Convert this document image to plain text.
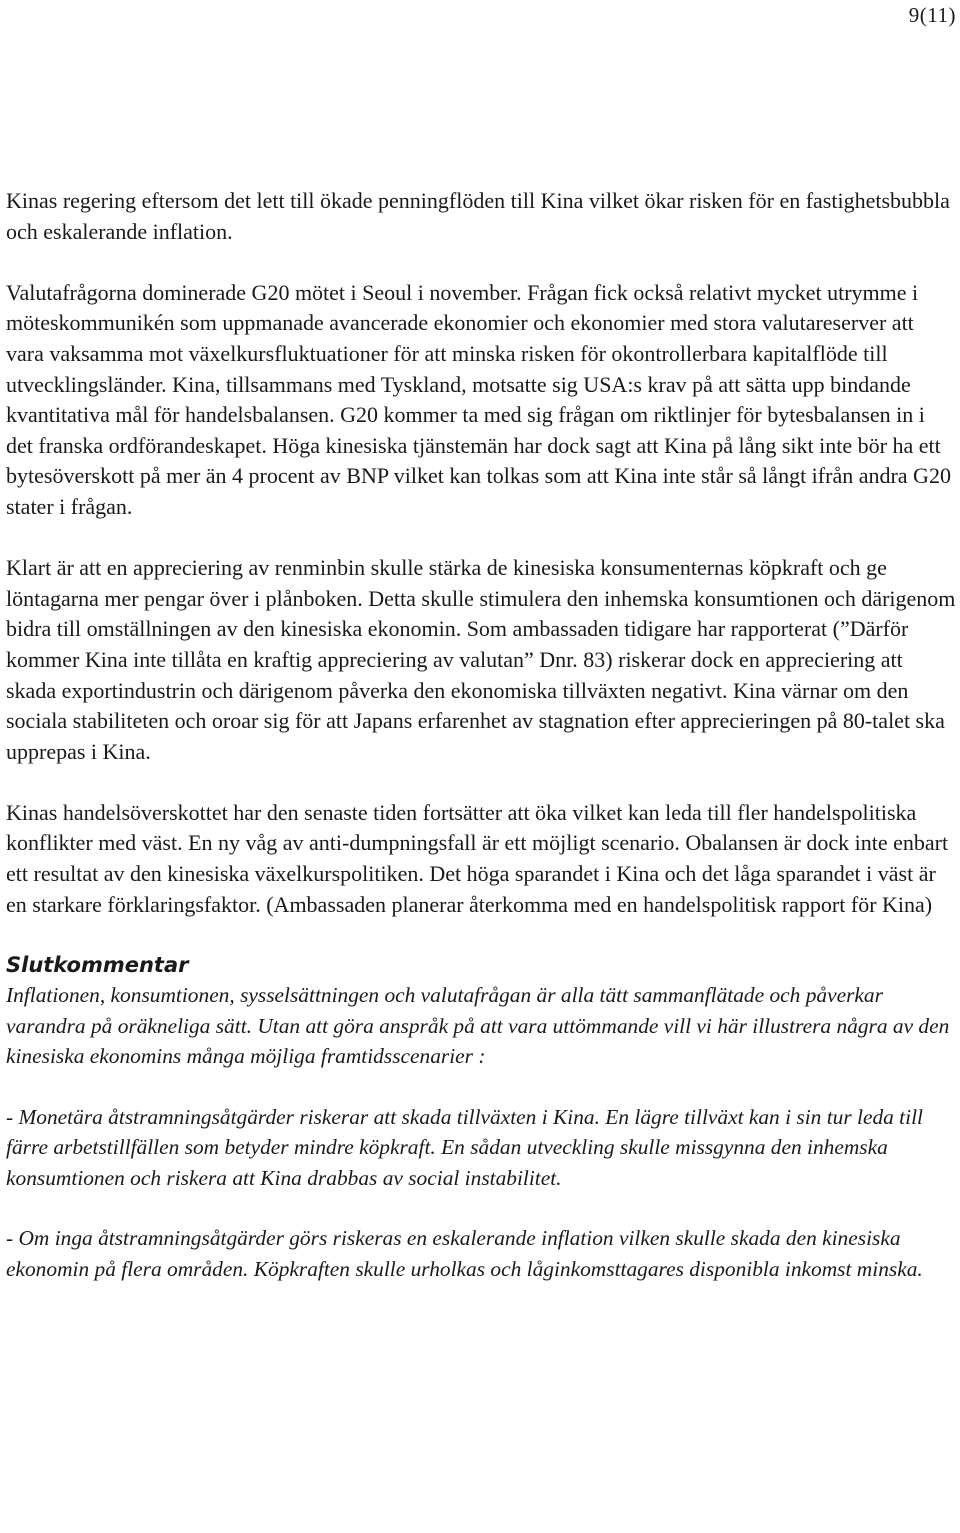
9(11)

Kinas regering eftersom det lett till ökade penningflöden till Kina vilket ökar risken för en fastighetsbubbla och eskalerande inflation.

Valutafrågorna dominerade G20 mötet i Seoul i november. Frågan fick också relativt mycket utrymme i möteskommunikén som uppmanade avancerade ekonomier och ekonomier med stora valutareserver att vara vaksamma mot växelkursfluktuationer för att minska risken för okontrollerbara kapitalflöde till utvecklingsländer. Kina, tillsammans med Tyskland, motsatte sig USA:s krav på att sätta upp bindande kvantitativa mål för handelsbalansen. G20 kommer ta med sig frågan om riktlinjer för bytesbalansen in i det franska ordförandeskapet. Höga kinesiska tjänstemän har dock sagt att Kina på lång sikt inte bör ha ett bytesöverskott på mer än 4 procent av BNP vilket kan tolkas som att Kina inte står så långt ifrån andra G20 stater i frågan.

Klart är att en appreciering av renminbin skulle stärka de kinesiska konsumenternas köpkraft och ge löntagarna mer pengar över i plånboken. Detta skulle stimulera den inhemska konsumtionen och därigenom bidra till omställningen av den kinesiska ekonomin. Som ambassaden tidigare har rapporterat (”Därför kommer Kina inte tillåta en kraftig appreciering av valutan” Dnr. 83) riskerar dock en appreciering att skada exportindustrin och därigenom påverka den ekonomiska tillväxten negativt. Kina värnar om den sociala stabiliteten och oroar sig för att Japans erfarenhet av stagnation efter apprecieringen på 80-talet ska upprepas i Kina.

Kinas handelsöverskottet har den senaste tiden fortsätter att öka vilket kan leda till fler handelspolitiska konflikter med väst. En ny våg av anti-dumpningsfall är ett möjligt scenario. Obalansen är dock inte enbart ett resultat av den kinesiska växelkurspolitiken. Det höga sparandet i Kina och det låga sparandet i väst är en starkare förklaringsfaktor. (Ambassaden planerar återkomma med en handelspolitisk rapport för Kina)

Slutkommentar

Inflationen, konsumtionen, sysselsättningen och valutafrågan är alla tätt sammanflätade och påverkar varandra på oräkneliga sätt. Utan att göra anspråk på att vara uttömmande vill vi här illustrera några av den kinesiska ekonomins många möjliga framtidsscenarier :

- Monetära åtstramningsåtgärder riskerar att skada tillväxten i Kina. En lägre tillväxt kan i sin tur leda till färre arbetstillfällen som betyder mindre köpkraft. En sådan utveckling skulle missgynna den inhemska konsumtionen och riskera att Kina drabbas av social instabilitet.

- Om inga åtstramningsåtgärder görs riskeras en eskalerande inflation vilken skulle skada den kinesiska ekonomin på flera områden. Köpkraften skulle urholkas och låginkomsttagares disponibla inkomst minska.
